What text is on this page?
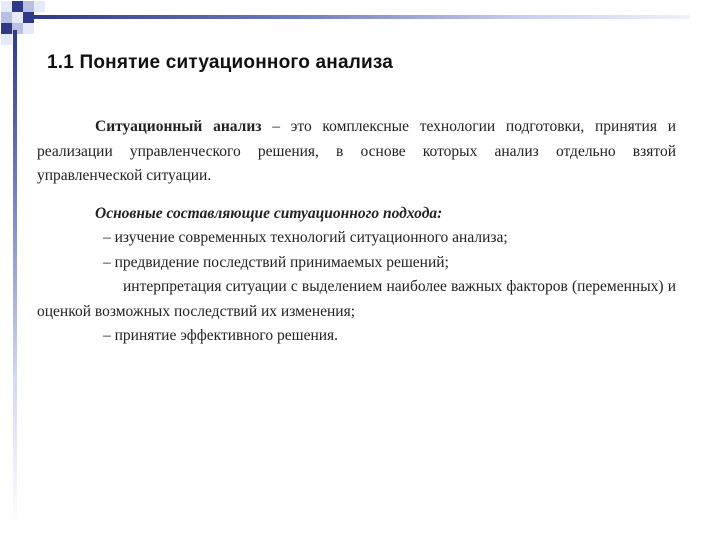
1.1 Понятие ситуационного анализа

Ситуационный анализ – это комплексные технологии подготовки, принятия и реализации управленческого решения, в основе которых анализ отдельно взятой управленческой ситуации.

Основные составляющие ситуационного подхода:

– изучение современных технологий ситуационного анализа;

– предвидение последствий принимаемых решений;

интерпретация ситуации с выделением наиболее важных факторов (переменных) и оценкой возможных последствий их изменения;

– принятие эффективного решения.
